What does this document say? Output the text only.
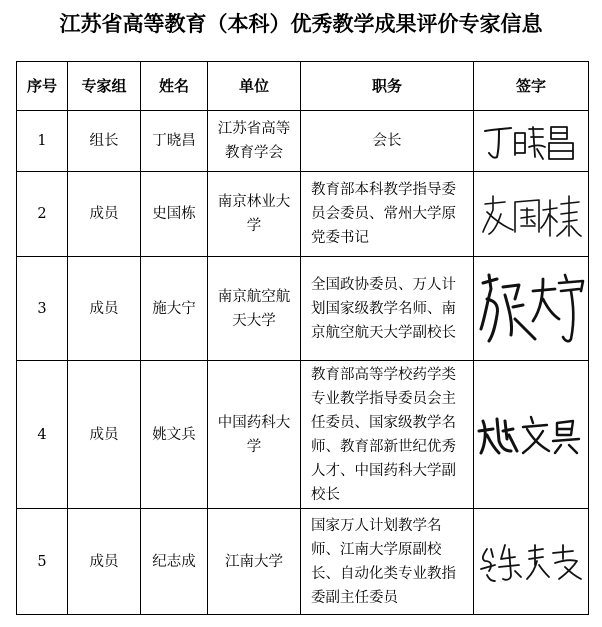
江苏省高等教育（本科）优秀教学成果评价专家信息
序号	专家组	姓名	单位	职务	签字
1	组长	丁晓昌	江苏省高等教育学会	会长	

2	成员	史国栋	南京林业大学	教育部本科教学指导委员会委员、常州大学原党委书记	

3	成员	施大宁	南京航空航天大学	全国政协委员、万人计划国家级教学名师、南京航空航天大学副校长	

4	成员	姚文兵	中国药科大学	教育部高等学校药学类专业教学指导委员会主任委员、国家级教学名师、教育部新世纪优秀人才、中国药科大学副校长	

5	成员	纪志成	江南大学	国家万人计划教学名师、江南大学原副校长、自动化类专业教指委副主任委员	
